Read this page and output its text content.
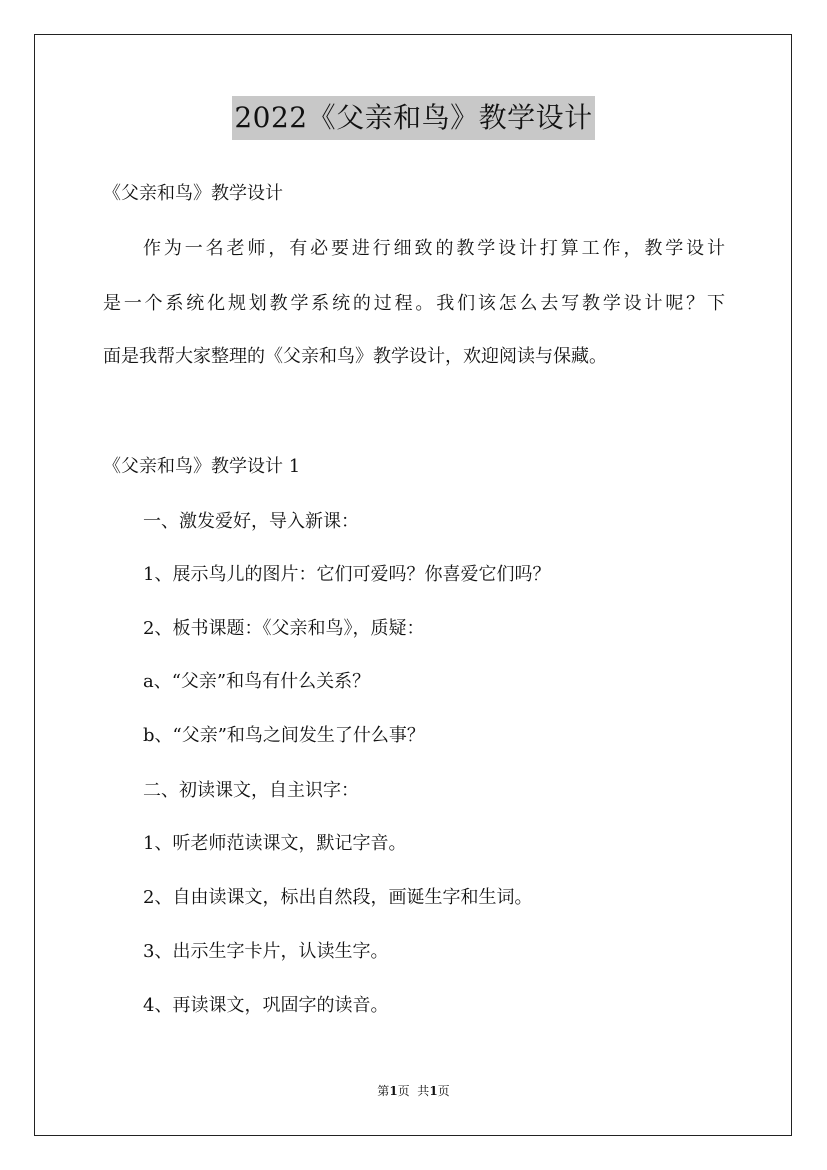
2022《父亲和鸟》教学设计
《父亲和鸟》教学设计
作为一名老师，有必要进行细致的教学设计打算工作，教学设计
是一个系统化规划教学系统的过程。我们该怎么去写教学设计呢？下
面是我帮大家整理的《父亲和鸟》教学设计，欢迎阅读与保藏。
《父亲和鸟》教学设计 1
一、激发爱好，导入新课：
1、展示鸟儿的图片：它们可爱吗？你喜爱它们吗？
2、板书课题：《父亲和鸟》，质疑：
a、“父亲”和鸟有什么关系？
b、“父亲”和鸟之间发生了什么事？
二、初读课文，自主识字：
1、听老师范读课文，默记字音。
2、自由读课文，标出自然段，画诞生字和生词。
3、出示生字卡片，认读生字。
4、再读课文，巩固字的读音。
第1页  共1页
